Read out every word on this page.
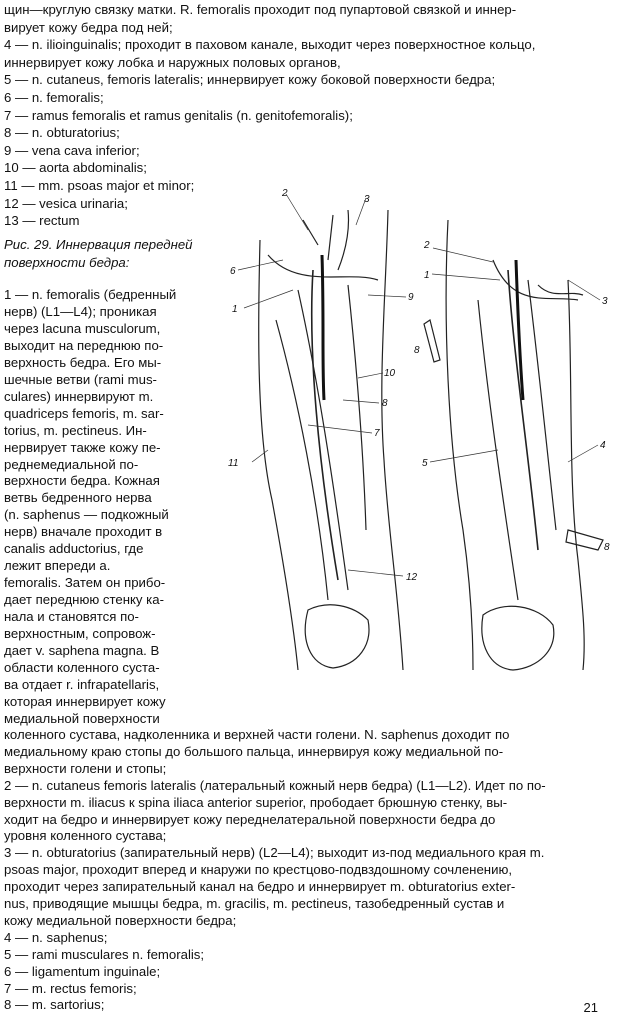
щин—круглую связку матки. R. femoralis проходит под пупартовой связкой и иннер-
вирует кожу бедра под ней;
4 — n. ilioinguinalis; проходит в паховом канале, выходит через поверхностное кольцо,
иннервирует кожу лобка и наружных половых органов,
5 — n. cutaneus, femoris lateralis; иннервирует кожу боковой поверхности бедра;
6 — n. femoralis;
7 — ramus femoralis et ramus genitalis (n. genitofemoralis);
8 — n. obturatorius;
9 — vena cava inferior;
10 — aorta abdominalis;
11 — mm. psoas major et minor;
12 — vesica urinaria;
13 — rectum
Рис. 29. Иннервация передней
поверхности бедра:
1 — n. femoralis (бедренный
нерв) (L1—L4); проникая
через lacuna musculorum,
выходит на переднюю по-
верхность бедра. Его мы-
шечные ветви (rami mus-
culares) иннервируют m.
quadriceps femoris, m. sar-
torius, m. pectineus. Ин-
нервирует также кожу пе-
реднемедиальной по-
верхности бедра. Кожная
ветвь бедренного нерва
(n. saphenus — подкожный
нерв) вначале проходит в
canalis adductorius, где
лежит впереди а.
femoralis. Затем он прибо-
дает переднюю стенку ка-
нала и становятся по-
верхностным, сопровож-
дает v. saphena magna. В
области коленного суста-
ва отдает r. infrapatellaris,
которая иннервирует кожу
медиальной поверхности
коленного сустава, надколенника и верхней части голени. N. saphenus доходит по
медиальному краю стопы до большого пальца, иннервируя кожу медиальной по-
верхности голени и стопы;
2 — n. cutaneus femoris lateralis (латеральный кожный нерв бедра) (L1—L2). Идет по по-
верхности m. iliacus к spina iliaca anterior superior, прободает брюшную стенку, вы-
ходит на бедро и иннервирует кожу переднелатеральной поверхности бедра до
уровня коленного сустава;
3 — n. obturatorius (запирательный нерв) (L2—L4); выходит из-под медиального края m.
psoas major, проходит вперед и кнаружи по крестцово-подвздошному сочленению,
проходит через запирательный канал на бедро и иннервирует m. obturatorius exter-
nus, приводящие мышцы бедра, m. gracilis, m. pectineus, тазобедренный сустав и
кожу медиальной поверхности бедра;
4 — n. saphenus;
5 — rami musculares n. femoralis;
6 — ligamentum inguinale;
7 — m. rectus femoris;
8 — m. sartorius;
2
3
6
1
9
10
8
7
11
12
2
1
3
8
4
5
8
21
